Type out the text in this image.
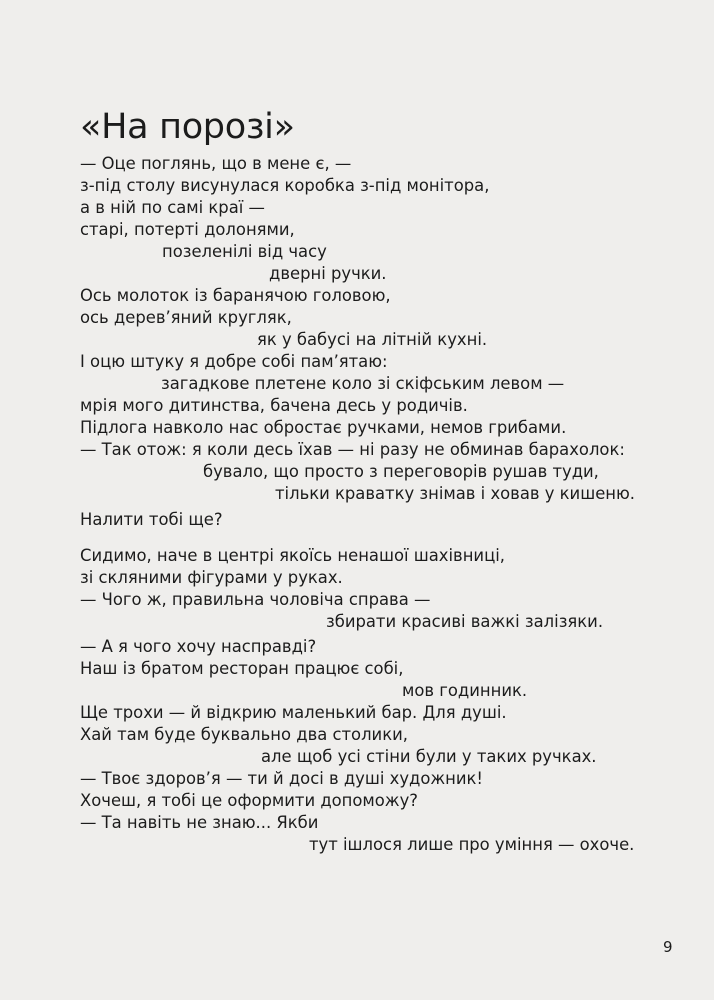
«На порозі»
— Оце поглянь, що в мене є, —
з-під столу висунулася коробка з-під монітора,
а в ній по самі краї —
старі, потерті долонями,
позеленілі від часу
дверні ручки.
Ось молоток із баранячою головою,
ось дерев’яний кругляк,
як у бабусі на літній кухні.
І оцю штуку я добре собі пам’ятаю:
загадкове плетене коло зі скіфським левом —
мрія мого дитинства, бачена десь у родичів.
Підлога навколо нас обростає ручками, немов грибами.
— Так отож: я коли десь їхав — ні разу не обминав барахолок:
бувало, що просто з переговорів рушав туди,
тільки краватку знімав і ховав у кишеню.
Налити тобі ще?
Сидимо, наче в центрі якоїсь ненашої шахівниці,
зі скляними фігурами у руках.
— Чого ж, правильна чоловіча справа —
збирати красиві важкі залізяки.
— А я чого хочу насправді?
Наш із братом ресторан працює собі,
мов годинник.
Ще трохи — й відкрию маленький бар. Для душі.
Хай там буде буквально два столики,
але щоб усі стіни були у таких ручках.
— Твоє здоров’я — ти й досі в душі художник!
Хочеш, я тобі це оформити допоможу?
— Та навіть не знаю... Якби
тут ішлося лише про уміння — охоче.
9
